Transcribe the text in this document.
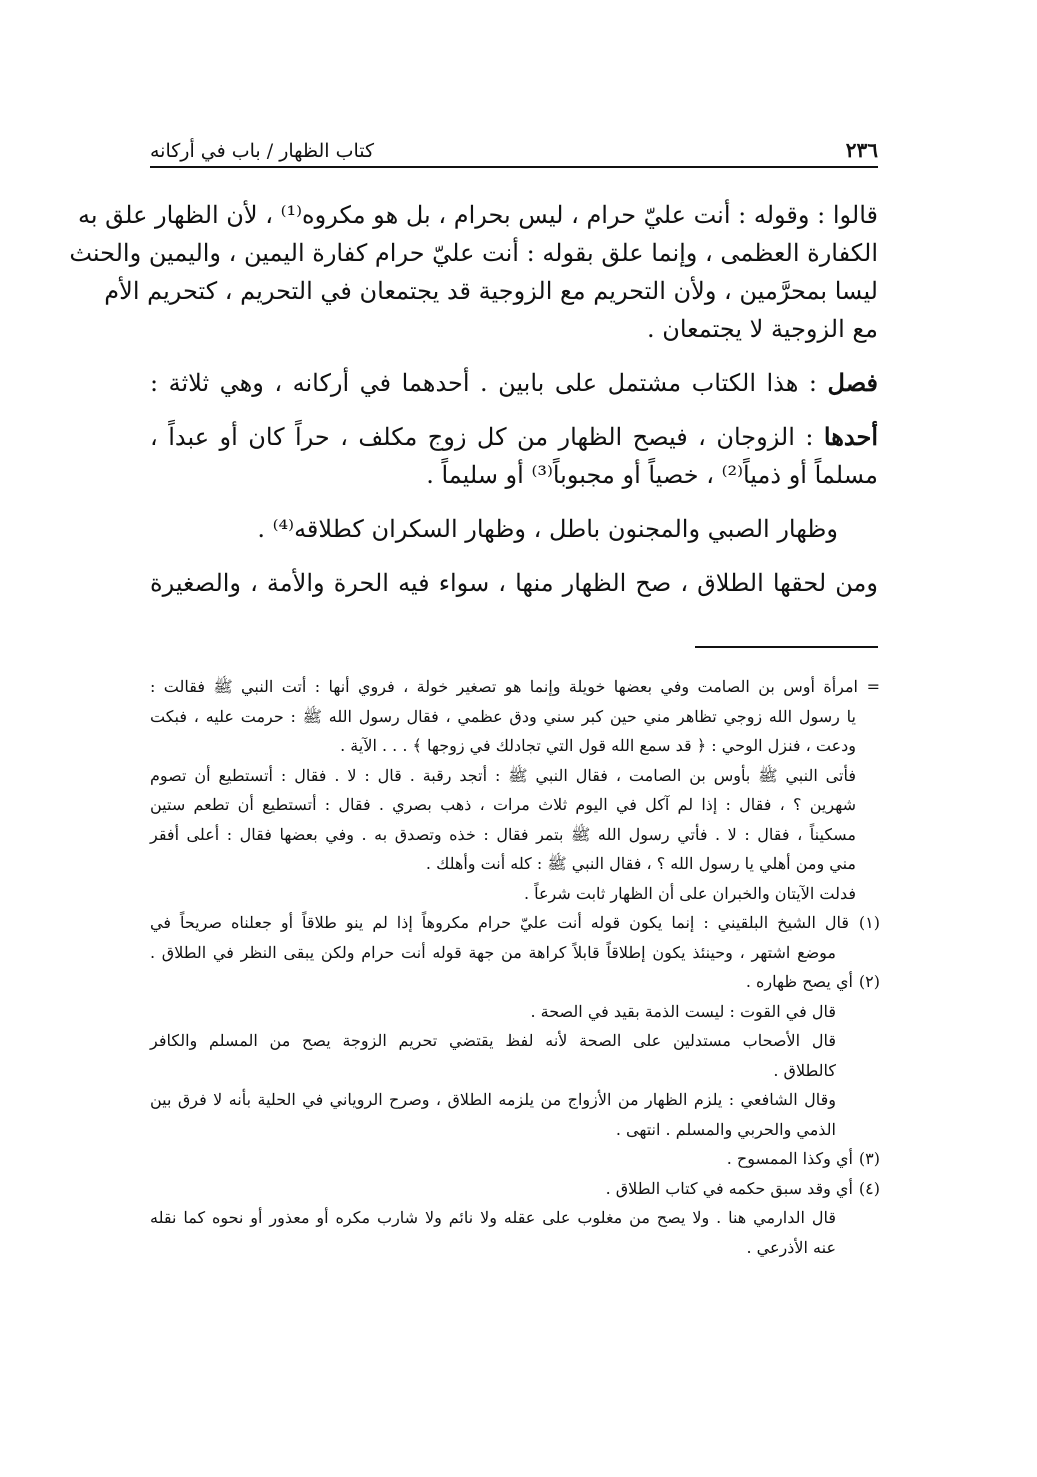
٢٣٦
كتاب الظهار / باب في أركانه
قالوا : وقوله : أنت عليّ حرام ، ليس بحرام ، بل هو مكروه⁽¹⁾ ، لأن الظهار علق به
الكفارة العظمى ، وإنما علق بقوله : أنت عليّ حرام كفارة اليمين ، واليمين والحنث
ليسا بمحرَّمين ، ولأن التحريم مع الزوجية قد يجتمعان في التحريم ، كتحريم الأم
مع الزوجية لا يجتمعان .
فصل : هذا الكتاب مشتمل على بابين . أحدهما في أركانه ، وهي ثلاثة :
أحدها : الزوجان ، فيصح الظهار من كل زوج مكلف ، حراً كان أو عبداً ،
مسلماً أو ذمياً⁽²⁾ ، خصياً أو مجبوباً⁽³⁾ أو سليماً .
وظهار الصبي والمجنون باطل ، وظهار السكران كطلاقه⁽⁴⁾ .
ومن لحقها الطلاق ، صح الظهار منها ، سواء فيه الحرة والأمة ، والصغيرة
=امرأة أوس بن الصامت وفي بعضها خويلة وإنما هو تصغير خولة ، فروي أنها : أتت النبي ﷺ فقالت :
يا رسول الله زوجي تظاهر مني حين كبر سني ودق عظمي ، فقال رسول الله ﷺ : حرمت عليه ، فبكت
ودعت ، فنزل الوحي : ﴿ قد سمع الله قول التي تجادلك في زوجها ﴾ . . . الآية .
فأتى النبي ﷺ بأوس بن الصامت ، فقال النبي ﷺ : أتجد رقبة . قال : لا . فقال : أتستطيع أن تصوم
شهرين ؟ ، فقال : إذا لم آكل في اليوم ثلاث مرات ، ذهب بصري . فقال : أتستطيع أن تطعم ستين
مسكيناً ، فقال : لا . فأتي رسول الله ﷺ بتمر فقال : خذه وتصدق به . وفي بعضها فقال : أعلى أفقر
مني ومن أهلي يا رسول الله ؟ ، فقال النبي ﷺ : كله أنت وأهلك .
فدلت الآيتان والخبران على أن الظهار ثابت شرعاً .
(١) قال الشيخ البلقيني : إنما يكون قوله أنت عليّ حرام مكروهاً إذا لم ينو طلاقاً أو جعلناه صريحاً في
موضع اشتهر ، وحينئذ يكون إطلاقاً قابلاً كراهة من جهة قوله أنت حرام ولكن يبقى النظر في الطلاق .
(٢) أي يصح ظهاره .
قال في القوت : ليست الذمة بقيد في الصحة .
قال الأصحاب مستدلين على الصحة لأنه لفظ يقتضي تحريم الزوجة يصح من المسلم والكافر
كالطلاق .
وقال الشافعي : يلزم الظهار من الأزواج من يلزمه الطلاق ، وصرح الروياني في الحلية بأنه لا فرق بين
الذمي والحربي والمسلم . انتهى .
(٣) أي وكذا الممسوح .
(٤) أي وقد سبق حكمه في كتاب الطلاق .
قال الدارمي هنا . ولا يصح من مغلوب على عقله ولا نائم ولا شارب مكره أو معذور أو نحوه كما نقله
عنه الأذرعي .
